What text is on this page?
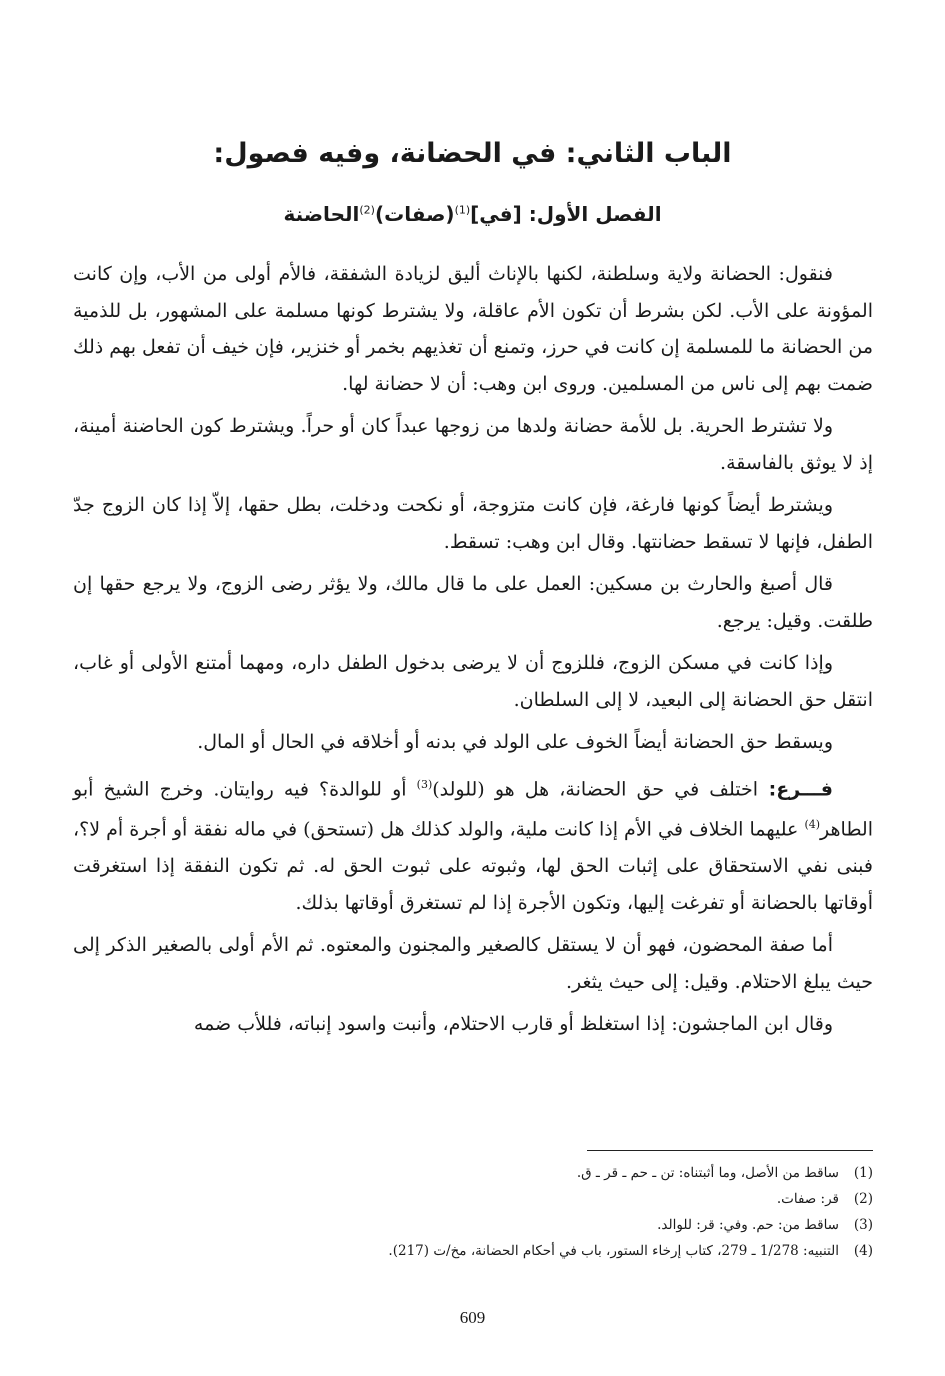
الباب الثاني: في الحضانة، وفيه فصول:
الفصل الأول: [في]$^{(1)}$(صفات)$^{(2)}$الحاضنة

فنقول: الحضانة ولاية وسلطنة، لكنها بالإناث أليق لزيادة الشفقة، فالأم أولى من الأب، وإن كانت المؤونة على الأب. لكن بشرط أن تكون الأم عاقلة، ولا يشترط كونها مسلمة على المشهور، بل للذمية من الحضانة ما للمسلمة إن كانت في حرز، وتمنع أن تغذيهم بخمر أو خنزير، فإن خيف أن تفعل بهم ذلك ضمت بهم إلى ناس من المسلمين. وروى ابن وهب: أن لا حضانة لها.

ولا تشترط الحرية. بل للأمة حضانة ولدها من زوجها عبداً كان أو حراً. ويشترط كون الحاضنة أمينة، إذ لا يوثق بالفاسقة.

ويشترط أيضاً كونها فارغة، فإن كانت متزوجة، أو نكحت ودخلت، بطل حقها، إلاّ إذا كان الزوج جدّ الطفل، فإنها لا تسقط حضانتها. وقال ابن وهب: تسقط.

قال أصبغ والحارث بن مسكين: العمل على ما قال مالك، ولا يؤثر رضى الزوج، ولا يرجع حقها إن طلقت. وقيل: يرجع.

وإذا كانت في مسكن الزوج، فللزوج أن لا يرضى بدخول الطفل داره، ومهما أمتنع الأولى أو غاب، انتقل حق الحضانة إلى البعيد، لا إلى السلطان.

ويسقط حق الحضانة أيضاً الخوف على الولد في بدنه أو أخلاقه في الحال أو المال.

فـــرع: اختلف في حق الحضانة، هل هو (للولد)$^{(3)}$ أو للوالدة؟ فيه روايتان. وخرج الشيخ أبو الطاهر$^{(4)}$ عليهما الخلاف في الأم إذا كانت ملية، والولد كذلك هل (تستحق) في ماله نفقة أو أجرة أم لا؟، فبنى نفي الاستحقاق على إثبات الحق لها، وثبوته على ثبوت الحق له. ثم تكون النفقة إذا استغرقت أوقاتها بالحضانة أو تفرغت إليها، وتكون الأجرة إذا لم تستغرق أوقاتها بذلك.

أما صفة المحضون، فهو أن لا يستقل كالصغير والمجنون والمعتوه. ثم الأم أولى بالصغير الذكر إلى حيث يبلغ الاحتلام. وقيل: إلى حيث يثغر.

وقال ابن الماجشون: إذا استغلظ أو قارب الاحتلام، وأنبت واسود إنباته، فللأب ضمه

(1)
ساقط من الأصل، وما أثبتناه: تن ـ حم ـ قر ـ ق.
(2)
قر: صفات.
(3)
ساقط من: حم. وفي: قر: للوالد.
(4)
التنبيه: 1/278 ـ 279، كتاب إرخاء الستور، باب في أحكام الحضانة، مخ/ت (217).
609
